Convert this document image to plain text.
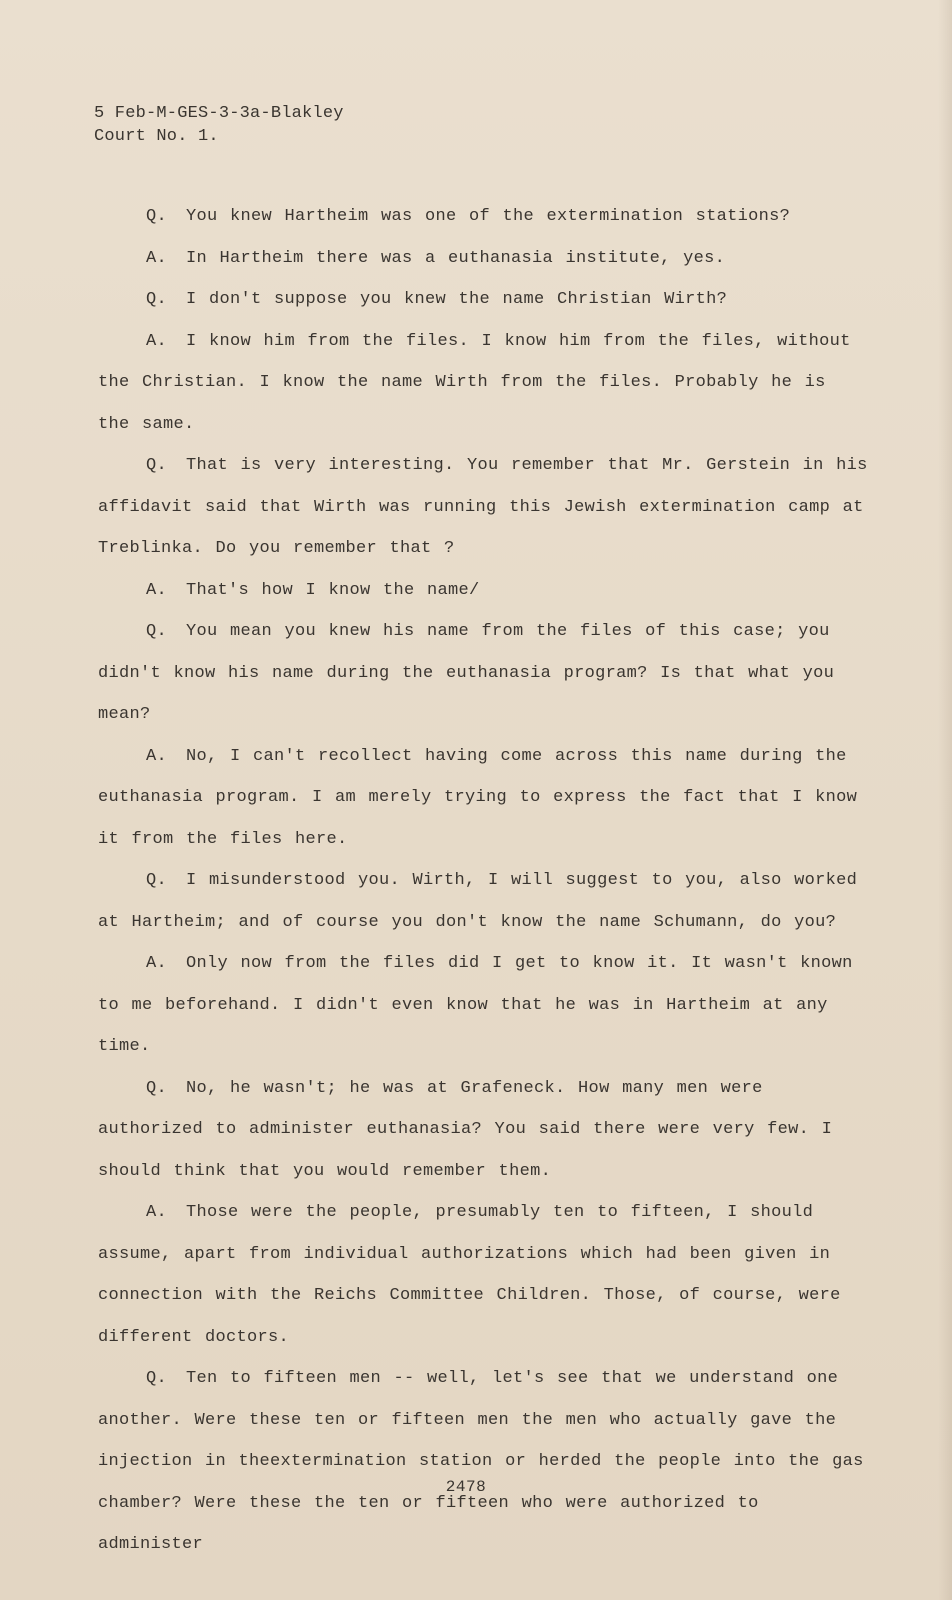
5 Feb-M-GES-3-3a-Blakley
Court No. 1.

Q. You knew Hartheim was one of the extermination stations?

A. In Hartheim there was a euthanasia institute, yes.

Q. I don't suppose you knew the name Christian Wirth?

A. I know him from the files. I know him from the files, without the Christian. I know the name Wirth from the files. Probably he is the same.

Q. That is very interesting. You remember that Mr. Gerstein in his affidavit said that Wirth was running this Jewish extermination camp at Treblinka. Do you remember that ?

A. That's how I know the name/

Q. You mean you knew his name from the files of this case; you didn't know his name during the euthanasia program? Is that what you mean?

A. No, I can't recollect having come across this name during the euthanasia program. I am merely trying to express the fact that I know it from the files here.

Q. I misunderstood you. Wirth, I will suggest to you, also worked at Hartheim; and of course you don't know the name Schumann, do you?

A. Only now from the files did I get to know it. It wasn't known to me beforehand. I didn't even know that he was in Hartheim at any time.

Q. No, he wasn't; he was at Grafeneck. How many men were authorized to administer euthanasia? You said there were very few. I should think that you would remember them.

A. Those were the people, presumably ten to fifteen, I should assume, apart from individual authorizations which had been given in connection with the Reichs Committee Children. Those, of course, were different doctors.

Q. Ten to fifteen men -- well, let's see that we understand one another. Were these ten or fifteen men the men who actually gave the injection in theextermination station or herded the people into the gas chamber? Were these the ten or fifteen who were authorized to administer

2478
